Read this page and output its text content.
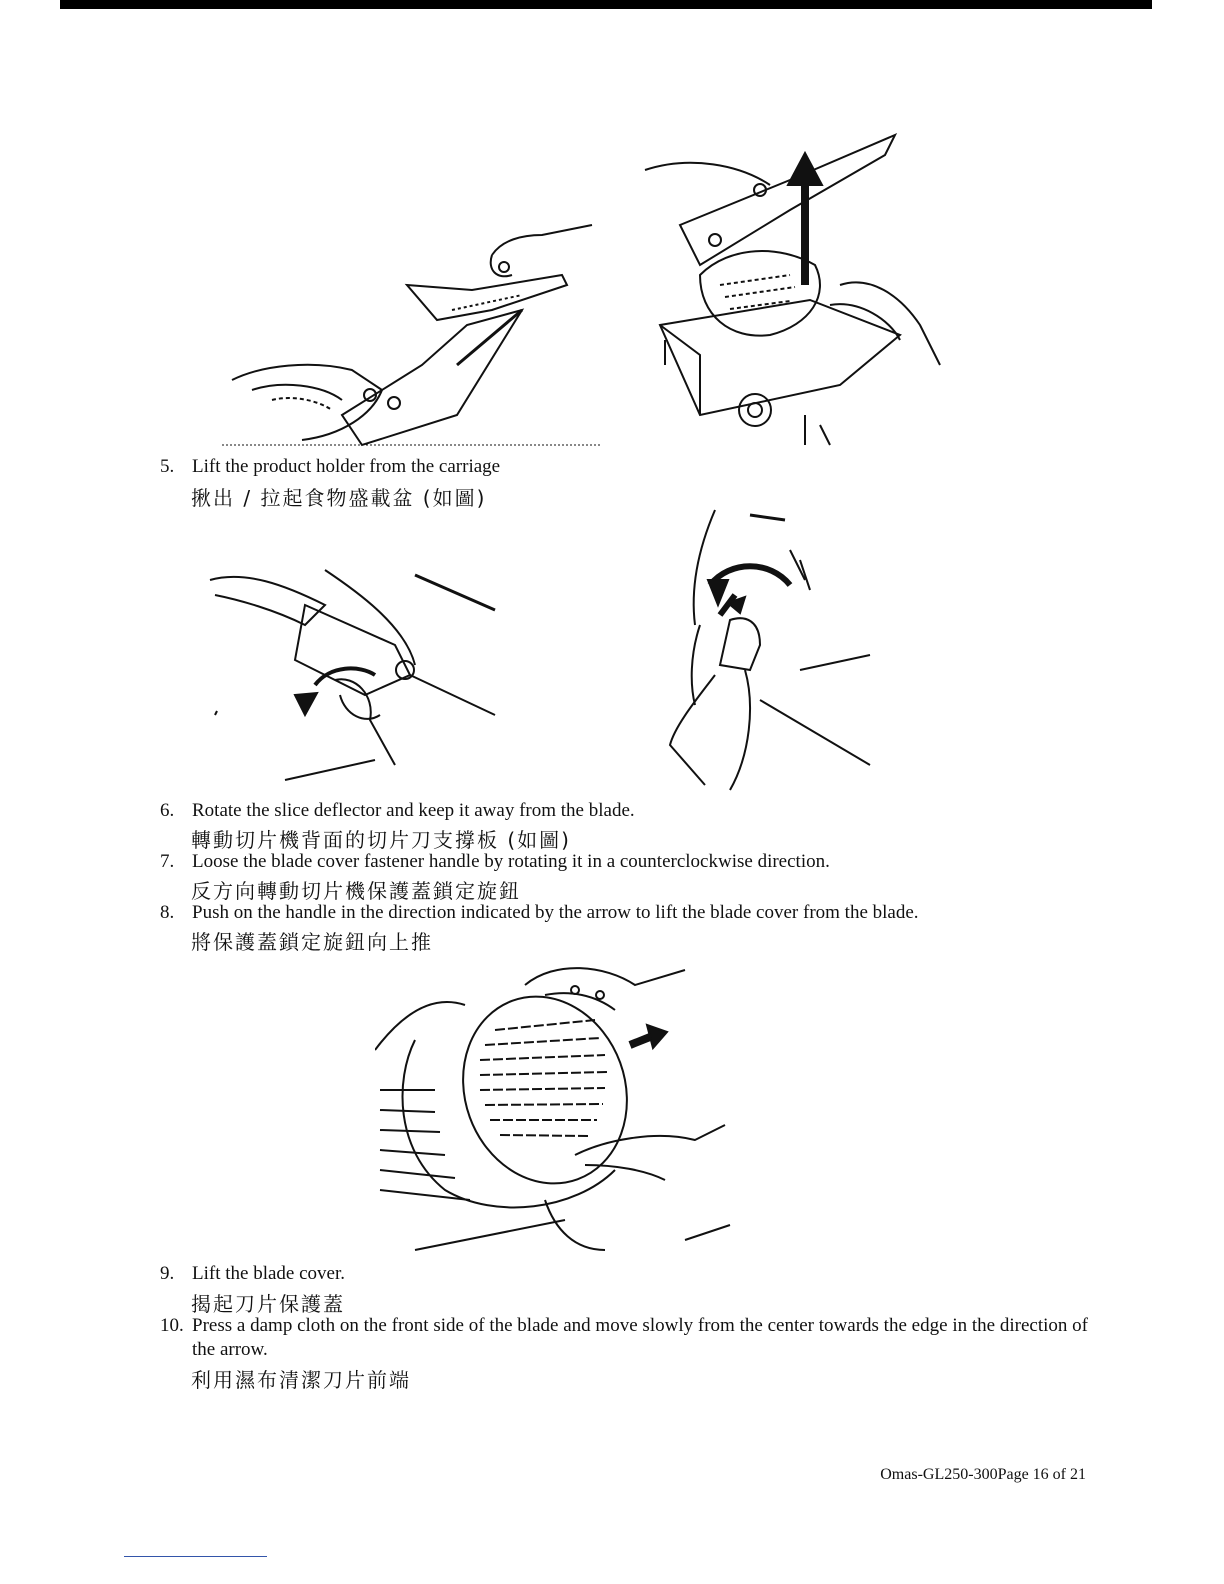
5. Lift the product holder from the carriage
揪出 / 拉起食物盛載盆 (如圖)
6. Rotate the slice deflector and keep it away from the blade.
轉動切片機背面的切片刀支撐板 (如圖)
7. Loose the blade cover fastener handle by rotating it in a counterclockwise direction.
反方向轉動切片機保護蓋鎖定旋鈕
8. Push on the handle in the direction indicated by the arrow to lift the blade cover from the blade.
將保護蓋鎖定旋鈕向上推
9. Lift the blade cover.
揭起刀片保護蓋
10. Press a damp cloth on the front side of the blade and move slowly from the center towards the edge in the direction of the arrow.
利用濕布清潔刀片前端
Omas-GL250-300Page 16 of 21
